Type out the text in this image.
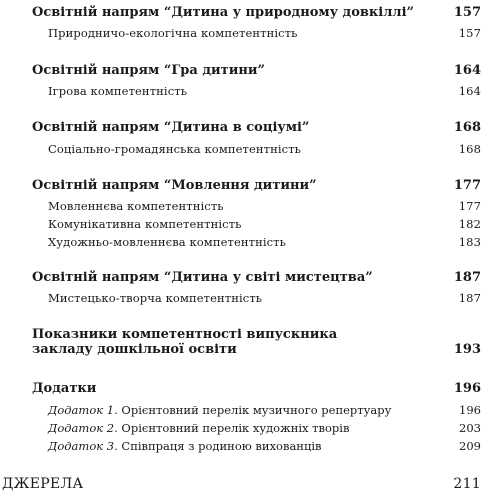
Освітній напрям “Дитина у природному довкіллі”	157
Природничо-екологічна компетентність	157
Освітній напрям “Гра дитини”	164
Ігрова компетентність	164
Освітній напрям “Дитина в соціумі”	168
Соціально-громадянська компетентність	168
Освітній напрям “Мовлення дитини”	177
Мовленнєва компетентність	177
Комунікативна компетентність	182
Художньо-мовленнєва компетентність	183
Освітній напрям “Дитина у світі мистецтва”	187
Мистецько-творча компетентність	187
Показники компетентності випускника
закладу дошкільної освіти	193
Додатки	196
Додаток 1. Орієнтовний перелік музичного репертуару	196
Додаток 2. Орієнтовний перелік художніх творів	203
Додаток 3. Співпраця з родиною вихованців	209
ДЖЕРЕЛА	211
